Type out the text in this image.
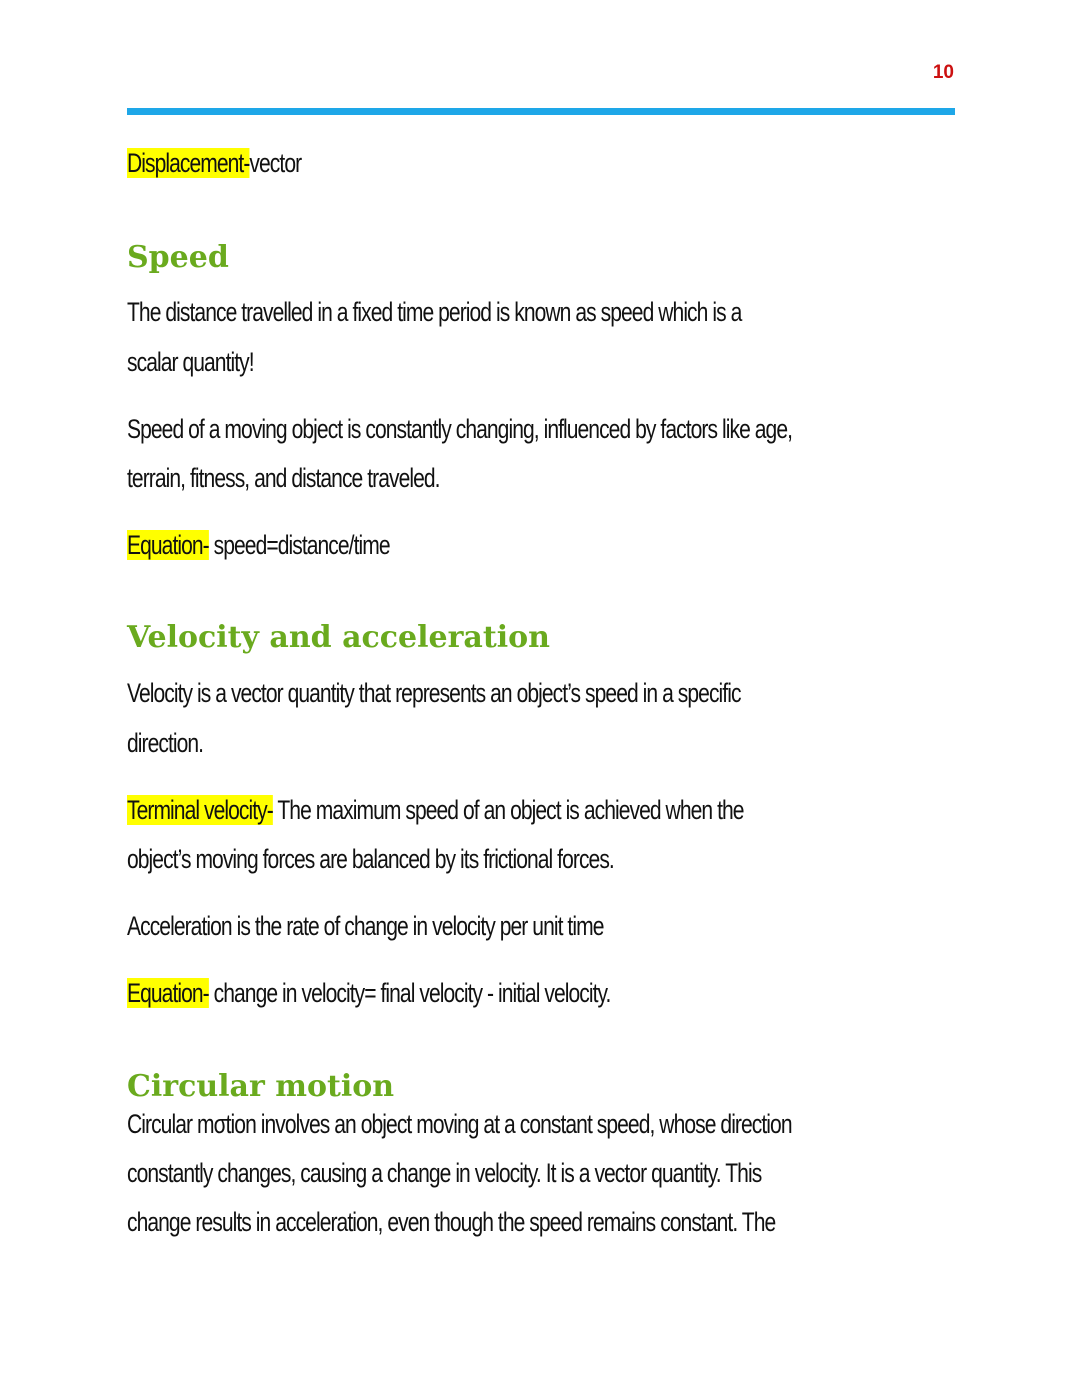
10
Displacement-vector
Speed
The distance travelled in a fixed time period is known as speed which is a
scalar quantity!
Speed of a moving object is constantly changing, influenced by factors like age,
terrain, fitness, and distance traveled.
Equation- speed=distance/time
Velocity and acceleration
Velocity is a vector quantity that represents an object’s speed in a specific
direction.
Terminal velocity- The maximum speed of an object is achieved when the
object’s moving forces are balanced by its frictional forces.
Acceleration is the rate of change in velocity per unit time
Equation- change in velocity= final velocity - initial velocity.
Circular motion
Circular mσtion involves an object moving at a constant speed, whose direction
constantly changes, causing a change in velocity. It is a vector quantity. This
change results in acceleration, even though the speed remains constant. The
